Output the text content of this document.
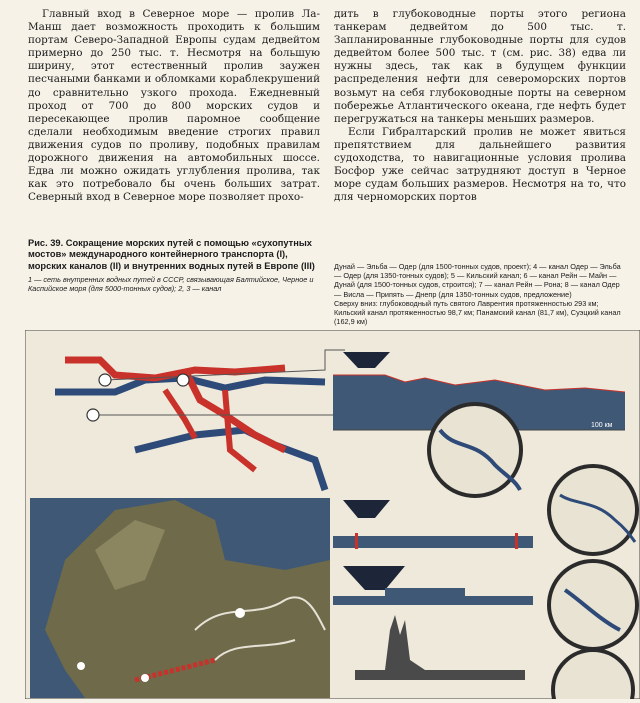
Главный вход в Северное море — пролив Ла-Манш дает возможность проходить к большим портам Северо-Западной Европы судам дедвейтом примерно до 250 тыс. т. Несмотря на большую ширину, этот естественный пролив заужен песчаными банками и обломками кораблекрушений до сравнительно узкого прохода. Ежедневный проход от 700 до 800 морских судов и пересекающее пролив паромное сообщение сделали необходимым введение строгих правил движения судов по проливу, подобных правилам дорожного движения на автомобильных шоссе. Едва ли можно ожидать углубления пролива, так как это потребовало бы очень больших затрат. Северный вход в Северное море позволяет прохо-

дить в глубоководные порты этого региона танкерам дедвейтом до 500 тыс. т. Запланированные глубоководные порты для судов дедвейтом более 500 тыс. т (см. рис. 38) едва ли нужны здесь, так как в будущем функции распределения нефти для североморских портов возьмут на себя глубоководные порты на северном побережье Атлантического океана, где нефть будет перегружаться на танкеры меньших размеров.

Если Гибралтарский пролив не может явиться препятствием для дальнейшего развития судоходства, то навигационные условия пролива Босфор уже сейчас затрудняют доступ в Черное море судам больших размеров. Несмотря на то, что для черноморских портов

Рис. 39. Сокращение морских путей с помощью «сухопутных мостов» международного контейнерного транспорта (I), морских каналов (II) и внутренних водных путей в Европе (III)

1 — сеть внутренних водных путей в СССР, связывающая Балтийское, Черное и Каспийское моря (для 5000-тонных судов); 2, 3 — канал

Дунай — Эльба — Одер (для 1500-тонных судов, проект); 4 — канал Одер — Эльба — Одер (для 1350-тонных судов); 5 — Кильский канал; 6 — канал Рейн — Майн — Дунай (для 1500-тонных судов, строится); 7 — канал Рейн — Рона; 8 — канал Одер — Висла — Припять — Днепр (для 1350-тонных судов, предложение)

Сверху вниз: глубоководный путь святого Лаврентия протяженностью 293 км; Кильский канал протяженностью 98,7 км; Панамский канал (81,7 км), Суэцкий канал (162,9 км)

100 км
